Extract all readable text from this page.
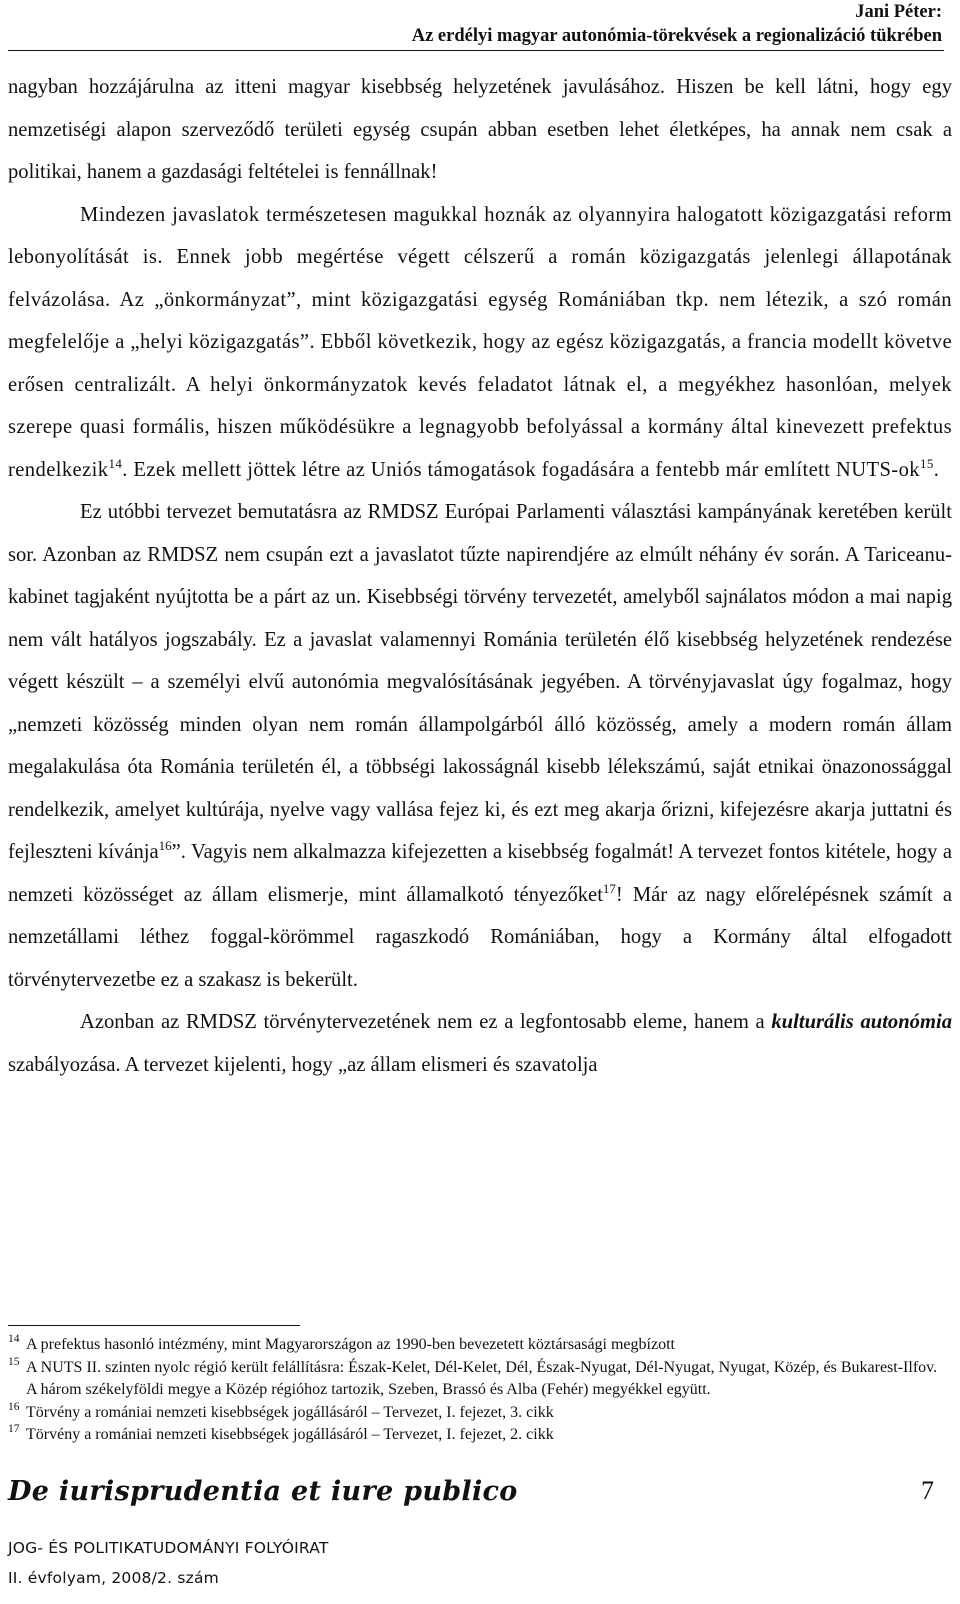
Jani Péter:
Az erdélyi magyar autonómia-törekvések a regionalizáció tükrében

nagyban hozzájárulna az itteni magyar kisebbség helyzetének javulásához. Hiszen be kell látni, hogy egy nemzetiségi alapon szerveződő területi egység csupán abban esetben lehet életképes, ha annak nem csak a politikai, hanem a gazdasági feltételei is fennállnak!

Mindezen javaslatok természetesen magukkal hoznák az olyannyira halogatott közigazgatási reform lebonyolítását is. Ennek jobb megértése végett célszerű a román közigazgatás jelenlegi állapotának felvázolása. Az „önkormányzat”, mint közigazgatási egység Romániában tkp. nem létezik, a szó román megfelelője a „helyi közigazgatás”. Ebből következik, hogy az egész közigazgatás, a francia modellt követve erősen centralizált. A helyi önkormányzatok kevés feladatot látnak el, a megyékhez hasonlóan, melyek szerepe quasi formális, hiszen működésükre a legnagyobb befolyással a kormány által kinevezett prefektus rendelkezik$^{14}$. Ezek mellett jöttek létre az Uniós támogatások fogadására a fentebb már említett NUTS-ok$^{15}$.

Ez utóbbi tervezet bemutatásra az RMDSZ Európai Parlamenti választási kampányának keretében került sor. Azonban az RMDSZ nem csupán ezt a javaslatot tűzte napirendjére az elmúlt néhány év során. A Tariceanu-kabinet tagjaként nyújtotta be a párt az un. Kisebbségi törvény tervezetét, amelyből sajnálatos módon a mai napig nem vált hatályos jogszabály. Ez a javaslat valamennyi Románia területén élő kisebbség helyzetének rendezése végett készült – a személyi elvű autonómia megvalósításának jegyében. A törvényjavaslat úgy fogalmaz, hogy „nemzeti közösség minden olyan nem román állampolgárból álló közösség, amely a modern román állam megalakulása óta Románia területén él, a többségi lakosságnál kisebb lélekszámú, saját etnikai önazonossággal rendelkezik, amelyet kultúrája, nyelve vagy vallása fejez ki, és ezt meg akarja őrizni, kifejezésre akarja juttatni és fejleszteni kívánja$^{16}$”. Vagyis nem alkalmazza kifejezetten a kisebbség fogalmát! A tervezet fontos kitétele, hogy a nemzeti közösséget az állam elismerje, mint államalkotó tényezőket$^{17}$! Már az nagy előrelépésnek számít a nemzetállami léthez foggal-körömmel ragaszkodó Romániában, hogy a Kormány által elfogadott törvénytervezetbe ez a szakasz is bekerült.

Azonban az RMDSZ törvénytervezetének nem ez a legfontosabb eleme, hanem a kulturális autonómia szabályozása. A tervezet kijelenti, hogy „az állam elismeri és szavatolja

14 A prefektus hasonló intézmény, mint Magyarországon az 1990-ben bevezetett köztársasági megbízott
15 A NUTS II. szinten nyolc régió került felállításra: Észak-Kelet, Dél-Kelet, Dél, Észak-Nyugat, Dél-Nyugat, Nyugat, Közép, és Bukarest-Ilfov. A három székelyföldi megye a Közép régióhoz tartozik, Szeben, Brassó és Alba (Fehér) megyékkel együtt.
16 Törvény a romániai nemzeti kisebbségek jogállásáról – Tervezet, I. fejezet, 3. cikk
17 Törvény a romániai nemzeti kisebbségek jogállásáról – Tervezet, I. fejezet, 2. cikk
De iurisprudentia et iure publico	7
JOG- ÉS POLITIKATUDOMÁNYI FOLYÓIRAT
II. évfolyam, 2008/2. szám
